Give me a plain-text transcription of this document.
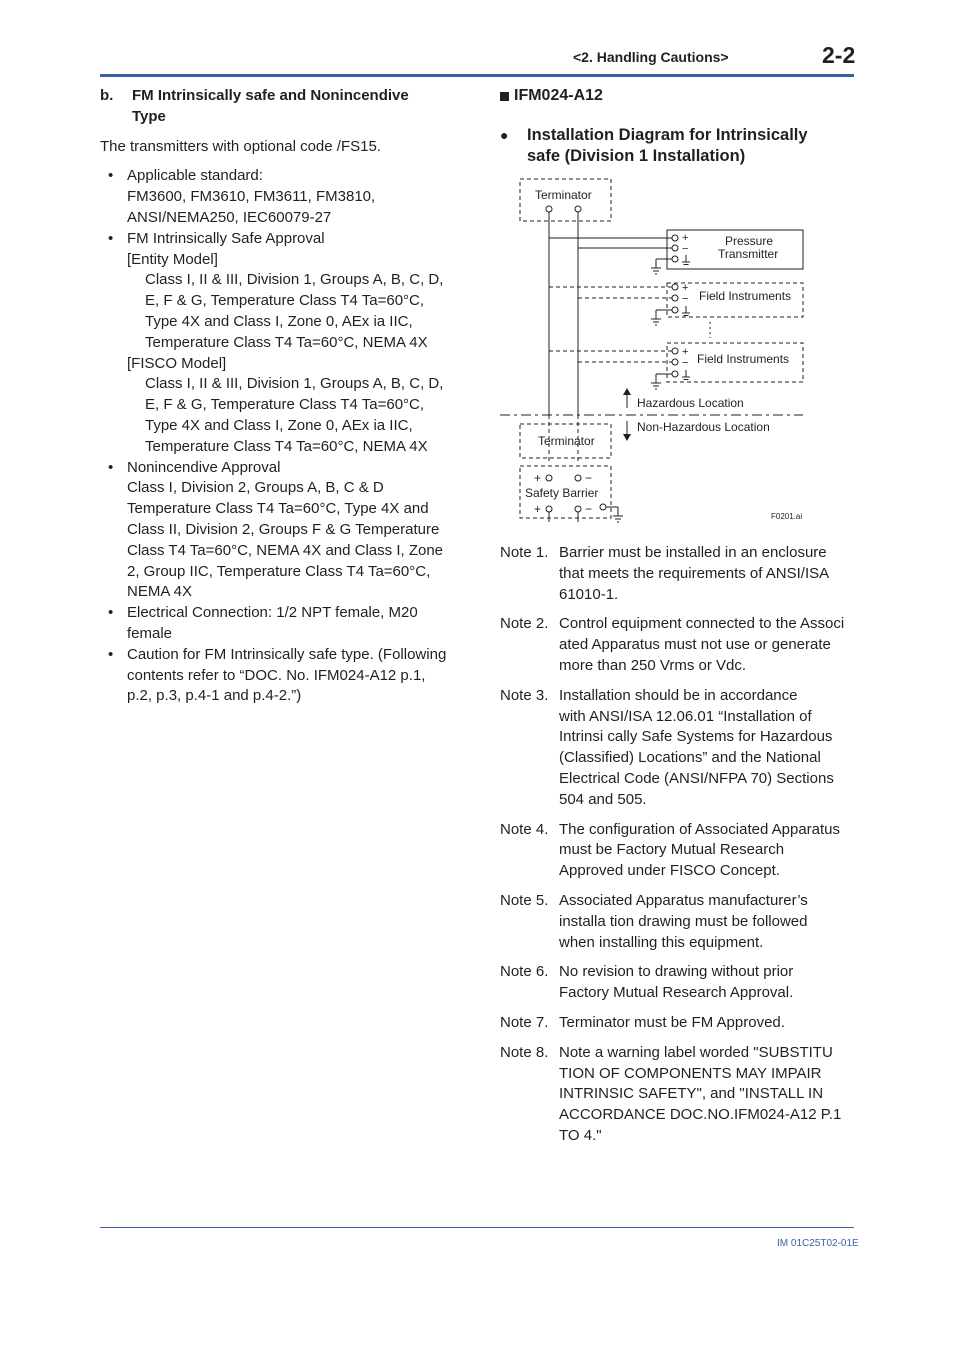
<2. Handling Cautions>	2-2
b.	FM Intrinsically safe and Nonincendive
Type
The transmitters with optional code /FS15.
• Applicable standard:
FM3600, FM3610, FM3611, FM3810,
ANSI/NEMA250, IEC60079-27
• FM Intrinsically Safe Approval
[Entity Model]

Class I, II & III, Division 1, Groups A, B, C, D,
E, F & G, Temperature Class T4 Ta=60°C,
Type 4X and Class I, Zone 0, AEx ia IIC,
Temperature Class T4 Ta=60°C, NEMA 4X
[FISCO Model]

Class I, II & III, Division 1, Groups A, B, C, D,
E, F & G, Temperature Class T4 Ta=60°C,
Type 4X and Class I, Zone 0, AEx ia IIC,
Temperature Class T4 Ta=60°C, NEMA 4X
• Nonincendive Approval
Class I, Division 2, Groups A, B, C & D
Temperature Class T4 Ta=60°C, Type 4X and
Class II, Division 2, Groups F & G Temperature
Class T4 Ta=60°C, NEMA 4X and Class I, Zone
2, Group IIC, Temperature Class T4 Ta=60°C,
NEMA 4X
• Electrical Connection: 1/2 NPT female, M20
female
• Caution for FM Intrinsically safe type. (Following
contents refer to “DOC. No. IFM024-A12 p.1,
p.2, p.3, p.4-1 and p.4-2.”)
IFM024-A12
●	Installation Diagram for Intrinsically
safe (Division 1 Installation)
Terminator
+
−
Pressure
Transmitter
+
− Field Instruments
+
− Field Instruments
Hazardous Location
Non-Hazardous Location
Terminator
+	−
Safety Barrier
+	−
F0201.ai
Note 1. Barrier must be installed in an enclosure
that meets the requirements of ANSI/ISA
61010-1.
Note 2. Control equipment connected to the Associ
ated Apparatus must not use or generate
more than 250 Vrms or Vdc.
Note 3. Installation should be in accordance
with ANSI/ISA 12.06.01 “Installation of
Intrinsi cally Safe Systems for Hazardous
(Classified) Locations” and the National
Electrical Code (ANSI/NFPA 70) Sections
504 and 505.
Note 4. The configuration of Associated Apparatus
must be Factory Mutual Research
Approved under FISCO Concept.
Note 5. Associated Apparatus manufacturer’s
installa tion drawing must be followed
when installing this equipment.
Note 6. No revision to drawing without prior
Factory Mutual Research Approval.
Note 7. Terminator must be FM Approved.
Note 8. Note a warning label worded "SUBSTITU
TION OF COMPONENTS MAY IMPAIR
INTRINSIC SAFETY", and "INSTALL IN
ACCORDANCE DOC.NO.IFM024-A12 P.1
TO 4."
IM 01C25T02-01E
